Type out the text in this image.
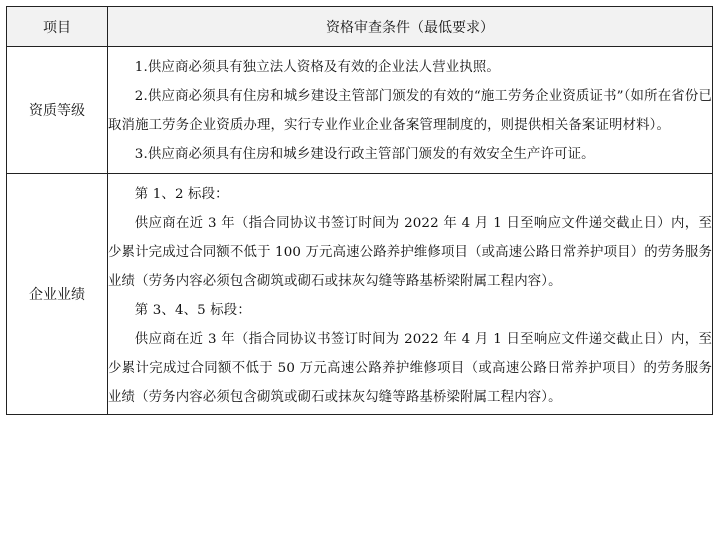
项目	资格审查条件（最低要求）
资质等级	1.供应商必须具有独立法人资格及有效的企业法人营业执照。

2.供应商必须具有住房和城乡建设主管部门颁发的有效的“施工劳务企业资质证书”（如所在省份已取消施工劳务企业资质办理，实行专业作业企业备案管理制度的，则提供相关备案证明材料）。

3.供应商必须具有住房和城乡建设行政主管部门颁发的有效安全生产许可证。

企业业绩	第 1、2 标段：

供应商在近 3 年（指合同协议书签订时间为 2022 年 4 月 1 日至响应文件递交截止日）内，至少累计完成过合同额不低于 100 万元高速公路养护维修项目（或高速公路日常养护项目）的劳务服务业绩（劳务内容必须包含砌筑或砌石或抹灰勾缝等路基桥梁附属工程内容）。

第 3、4、5 标段：

供应商在近 3 年（指合同协议书签订时间为 2022 年 4 月 1 日至响应文件递交截止日）内，至少累计完成过合同额不低于 50 万元高速公路养护维修项目（或高速公路日常养护项目）的劳务服务业绩（劳务内容必须包含砌筑或砌石或抹灰勾缝等路基桥梁附属工程内容）。
